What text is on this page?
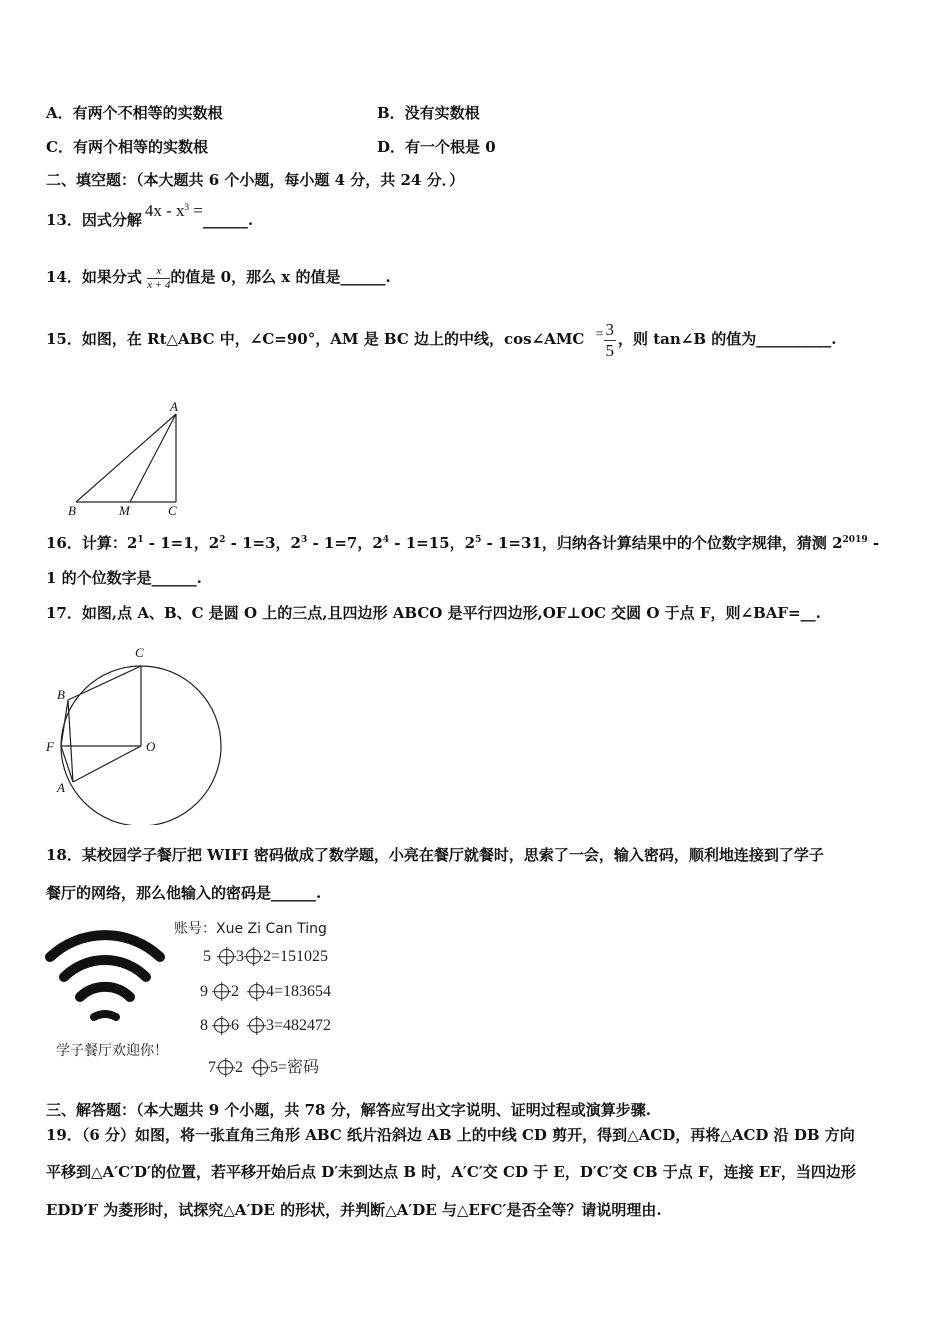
A．有两个不相等的实数根	B．没有实数根
C．有两个相等的实数根	D．有一个根是 0
二、填空题：（本大题共 6 个小题，每小题 4 分，共 24 分．）
13．因式分解 $4x - x^3$ =______.
14．如果分式 $\frac{x}{x + 4}$ 的值是 0，那么 x 的值是______.
15．如图，在 Rt△ABC 中，∠C=90°，AM 是 BC 边上的中线，cos∠AMC = $\frac{3}{5}$ ，则 tan∠B 的值为__________.
A
B	M	C
16．计算：$2^1 - 1=1$，$2^2 - 1=3$，$2^3 - 1=7$，$2^4 - 1=15$，$2^5 - 1=31$，归纳各计算结果中的个位数字规律，猜测 $2^{2019}$ -
1 的个位数字是______.
17．如图,点 A、B、C 是圆 O 上的三点,且四边形 ABCO 是平行四边形,OF⊥OC 交圆 O 于点 F，则∠BAF=__.
C
B
F	O
A
18．某校园学子餐厅把 WIFI 密码做成了数学题，小亮在餐厅就餐时，思索了一会，输入密码，顺利地连接到了学子
餐厅的网络，那么他输入的密码是______.
学子餐厅欢迎你！
账号：Xue Zi Can Ting
5 3 2=151025
9 2 4=183654
8 6 3=482472
7 2 5=密码
三、解答题：（本大题共 9 个小题，共 78 分，解答应写出文字说明、证明过程或演算步骤.
19．（6 分）如图，将一张直角三角形 ABC 纸片沿斜边 AB 上的中线 CD 剪开，得到△ACD，再将△ACD 沿 DB 方向
平移到△A′C′D′的位置，若平移开始后点 D′未到达点 B 时，A′C′交 CD 于 E，D′C′交 CB 于点 F，连接 EF，当四边形
EDD′F 为菱形时，试探究△A′DE 的形状，并判断△A′DE 与△EFC′是否全等？请说明理由.
